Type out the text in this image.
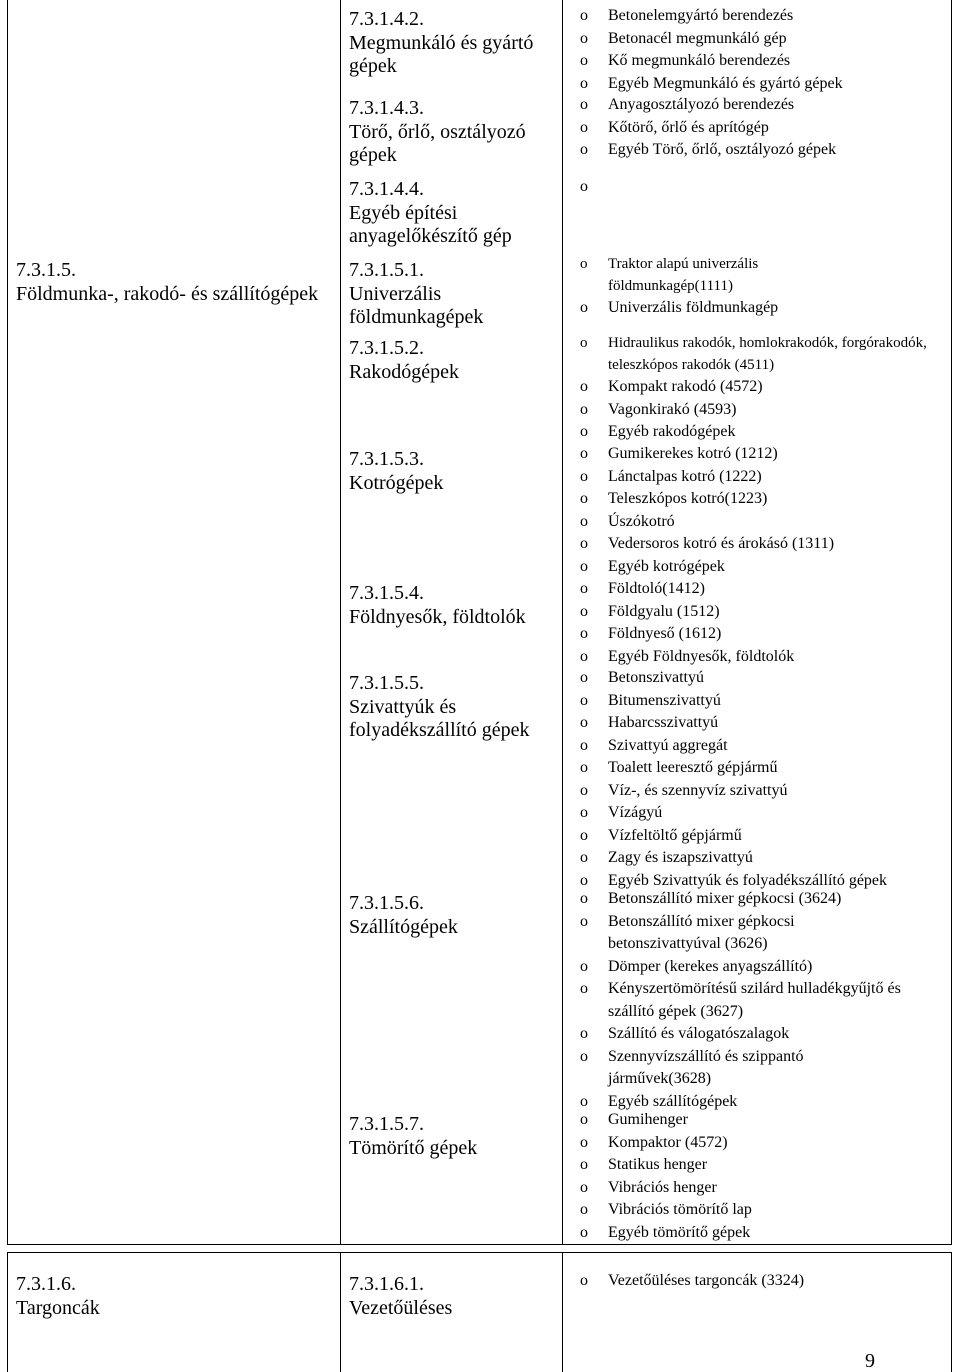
7.3.1.5.
Földmunka-, rakodó- és szállítógépek
7.3.1.4.2.
Megmunkáló és gyártó gépek
7.3.1.4.3.
Törő, őrlő, osztályozó gépek
7.3.1.4.4.
Egyéb építési anyagelőkészítő gép
7.3.1.5.1.
Univerzális földmunkagépek
7.3.1.5.2.
Rakodógépek
7.3.1.5.3.
Kotrógépek
7.3.1.5.4.
Földnyesők, földtolók
7.3.1.5.5.
Szivattyúk és folyadékszállító gépek
7.3.1.5.6.
Szállítógépek
7.3.1.5.7.
Tömörítő gépek
o Betonelemgyártó berendezés
o Betonacél megmunkáló gép
o Kő megmunkáló berendezés
o Egyéb Megmunkáló és gyártó gépek
o Anyagosztályozó berendezés
o Kőtörő, őrlő és aprítógép
o Egyéb Törő, őrlő, osztályozó gépek
o
o Traktor alapú univerzális földmunkagép(1111)
o Univerzális földmunkagép
o Hidraulikus rakodók, homlokrakodók, forgórakodók, teleszkópos rakodók (4511)
o Kompakt rakodó (4572)
o Vagonkirakó (4593)
o Egyéb rakodógépek
o Gumikerekes kotró (1212)
o Lánctalpas kotró (1222)
o Teleszkópos kotró(1223)
o Úszókotró
o Vedersoros kotró és árokásó (1311)
o Egyéb kotrógépek
o Földtoló(1412)
o Földgyalu (1512)
o Földnyeső (1612)
o Egyéb Földnyesők, földtolók
o Betonszivattyú
o Bitumenszivattyú
o Habarcsszivattyú
o Szivattyú aggregát
o Toalett leeresztő gépjármű
o Víz-, és szennyvíz szivattyú
o Vízágyú
o Vízfeltöltő gépjármű
o Zagy és iszapszivattyú
o Egyéb Szivattyúk és folyadékszállító gépek
o Betonszállító mixer gépkocsi (3624)
o Betonszállító mixer gépkocsi betonszivattyúval (3626)
o Dömper (kerekes anyagszállító)
o Kényszertömörítésű szilárd hulladékgyűjtő és szállító gépek (3627)
o Szállító és válogatószalagok
o Szennyvízszállító és szippantó járművek(3628)
o Egyéb szállítógépek
o Gumihenger
o Kompaktor (4572)
o Statikus henger
o Vibrációs henger
o Vibrációs tömörítő lap
o Egyéb tömörítő gépek
7.3.1.6.
Targoncák
7.3.1.6.1.
Vezetőüléses
o Vezetőüléses targoncák (3324)
9
